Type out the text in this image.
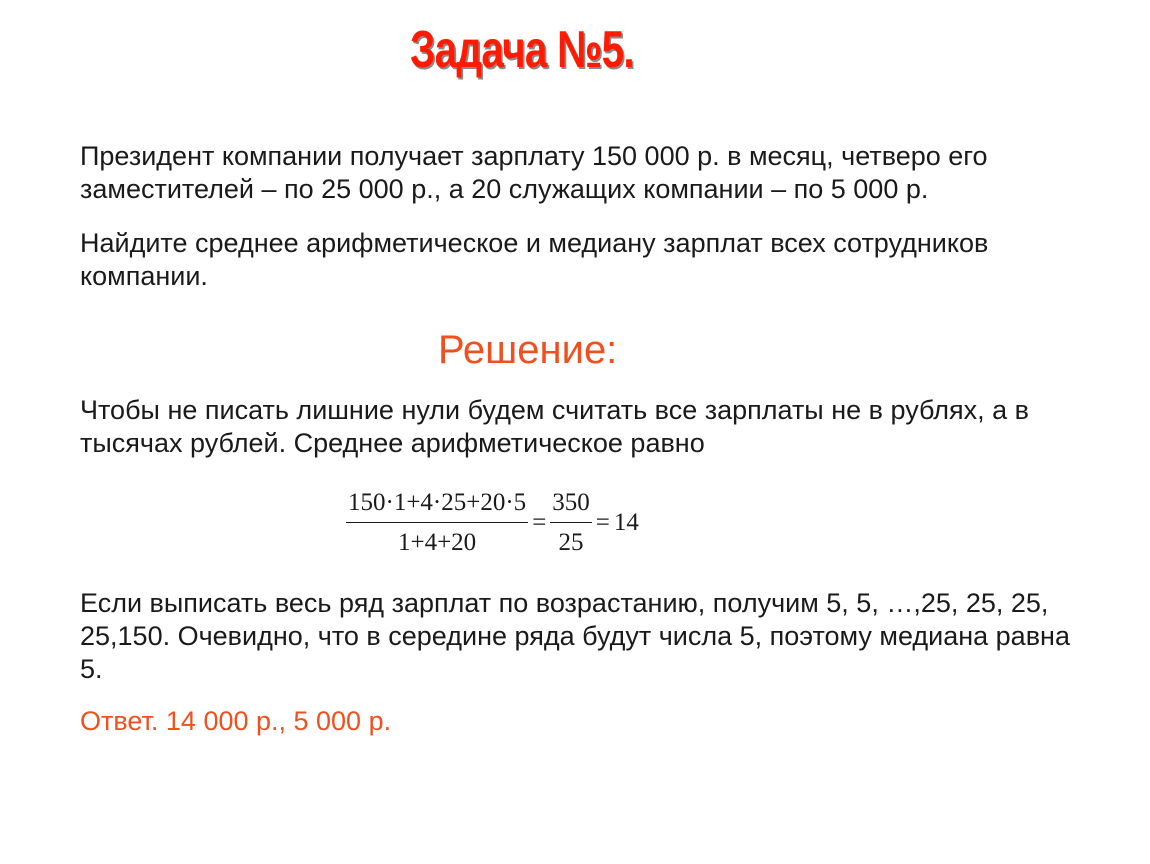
Задача №5.

Президент компании получает зарплату 150 000 р. в месяц, четверо его заместителей – по 25 000 р., а 20 служащих компании – по 5 000 р.

Найдите среднее арифметическое и медиану зарплат всех сотрудников компании.

Решение:

Чтобы не писать лишние нули будем считать все зарплаты не в рублях, а в тысячах рублей. Среднее арифметическое равно

$\frac{150\cdot 1+4\cdot 25+20\cdot 5}{1+4+20} = \frac{350}{25} = 14$

Если выписать весь ряд зарплат по возрастанию, получим 5, 5, …,25, 25, 25, 25,150. Очевидно, что в середине ряда будут числа 5, поэтому медиана равна 5.

Ответ. 14 000 р., 5 000 р.
